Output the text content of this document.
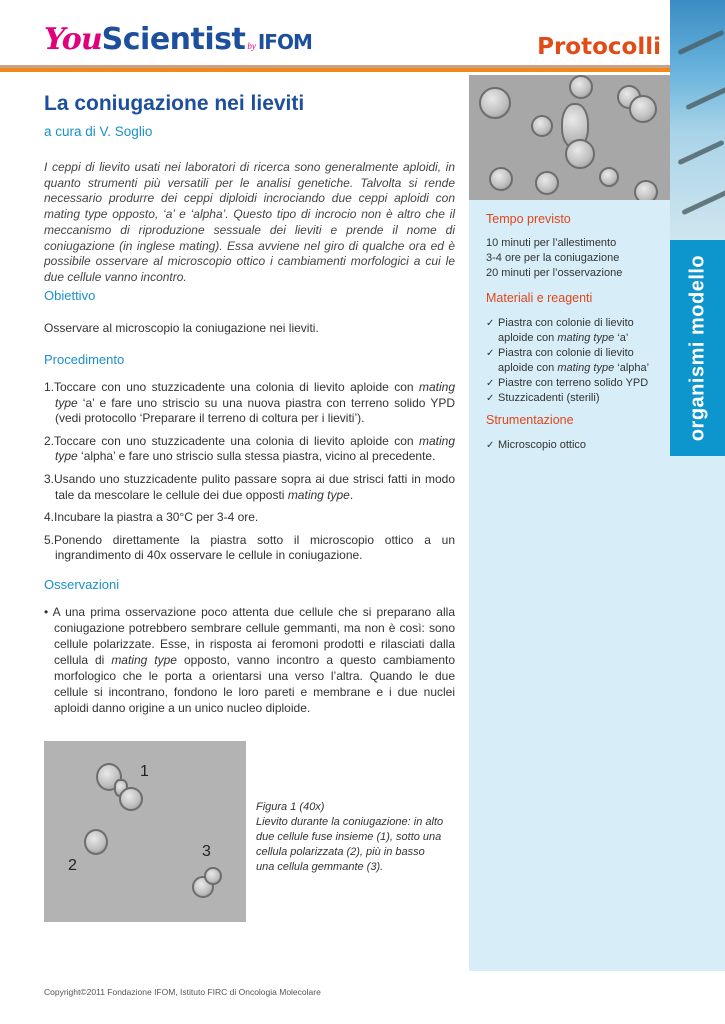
YouScientist by IFOM	Protocolli
organismi modello
Tempo previsto
10 minuti per l’allestimento
3-4 ore per la coniugazione
20 minuti per l’osservazione
Materiali e reagenti
✓ Piastra con colonie di lievito aploide con mating type ‘a’
✓ Piastra con colonie di lievito aploide con mating type ‘alpha’
✓ Piastre con terreno solido YPD
✓ Stuzzicadenti (sterili)
Strumentazione
✓ Microscopio ottico
La coniugazione nei lieviti
a cura di V. Soglio
I ceppi di lievito usati nei laboratori di ricerca sono generalmente aploidi, in quanto strumenti più versatili per le analisi genetiche. Talvolta si rende necessario produrre dei ceppi diploidi incrociando due ceppi aploidi con mating type opposto, ‘a’ e ‘alpha’. Questo tipo di incrocio non è altro che il meccanismo di riproduzione sessuale dei lieviti e prende il nome di coniugazione (in inglese mating). Essa avviene nel giro di qualche ora ed è possibile osservare al microscopio ottico i cambiamenti morfologici a cui le due cellule vanno incontro.
Obiettivo
Osservare al microscopio la coniugazione nei lieviti.
Procedimento
1.Toccare con uno stuzzicadente una colonia di lievito aploide con mating type ‘a’ e fare uno striscio su una nuova piastra con terreno solido YPD (vedi protocollo ‘Preparare il terreno di coltura per i lieviti’).
2.Toccare con uno stuzzicadente una colonia di lievito aploide con mating type ‘alpha’ e fare uno striscio sulla stessa piastra, vicino al precedente.
3.Usando uno stuzzicadente pulito passare sopra ai due strisci fatti in modo tale da mescolare le cellule dei due opposti mating type.
4.Incubare la piastra a 30°C per 3-4 ore.
5.Ponendo direttamente la piastra sotto il microscopio ottico a un ingrandimento di 40x osservare le cellule in coniugazione.
Osservazioni
• A una prima osservazione poco attenta due cellule che si preparano alla coniugazione potrebbero sembrare cellule gemmanti, ma non è così: sono cellule polarizzate. Esse, in risposta ai feromoni prodotti e rilasciati dalla cellula di mating type opposto, vanno incontro a questo cambiamento morfologico che le porta a orientarsi una verso l’altra. Quando le due cellule si incontrano, fondono le loro pareti e membrane e i due nuclei aploidi danno origine a un unico nucleo diploide.
1
2
3
Figura 1 (40x)
Lievito durante la coniugazione: in alto due cellule fuse insieme (1), sotto una cellula polarizzata (2), più in basso una cellula gemmante (3).
Copyright©2011 Fondazione IFOM, Istituto FIRC di Oncologia Molecolare
